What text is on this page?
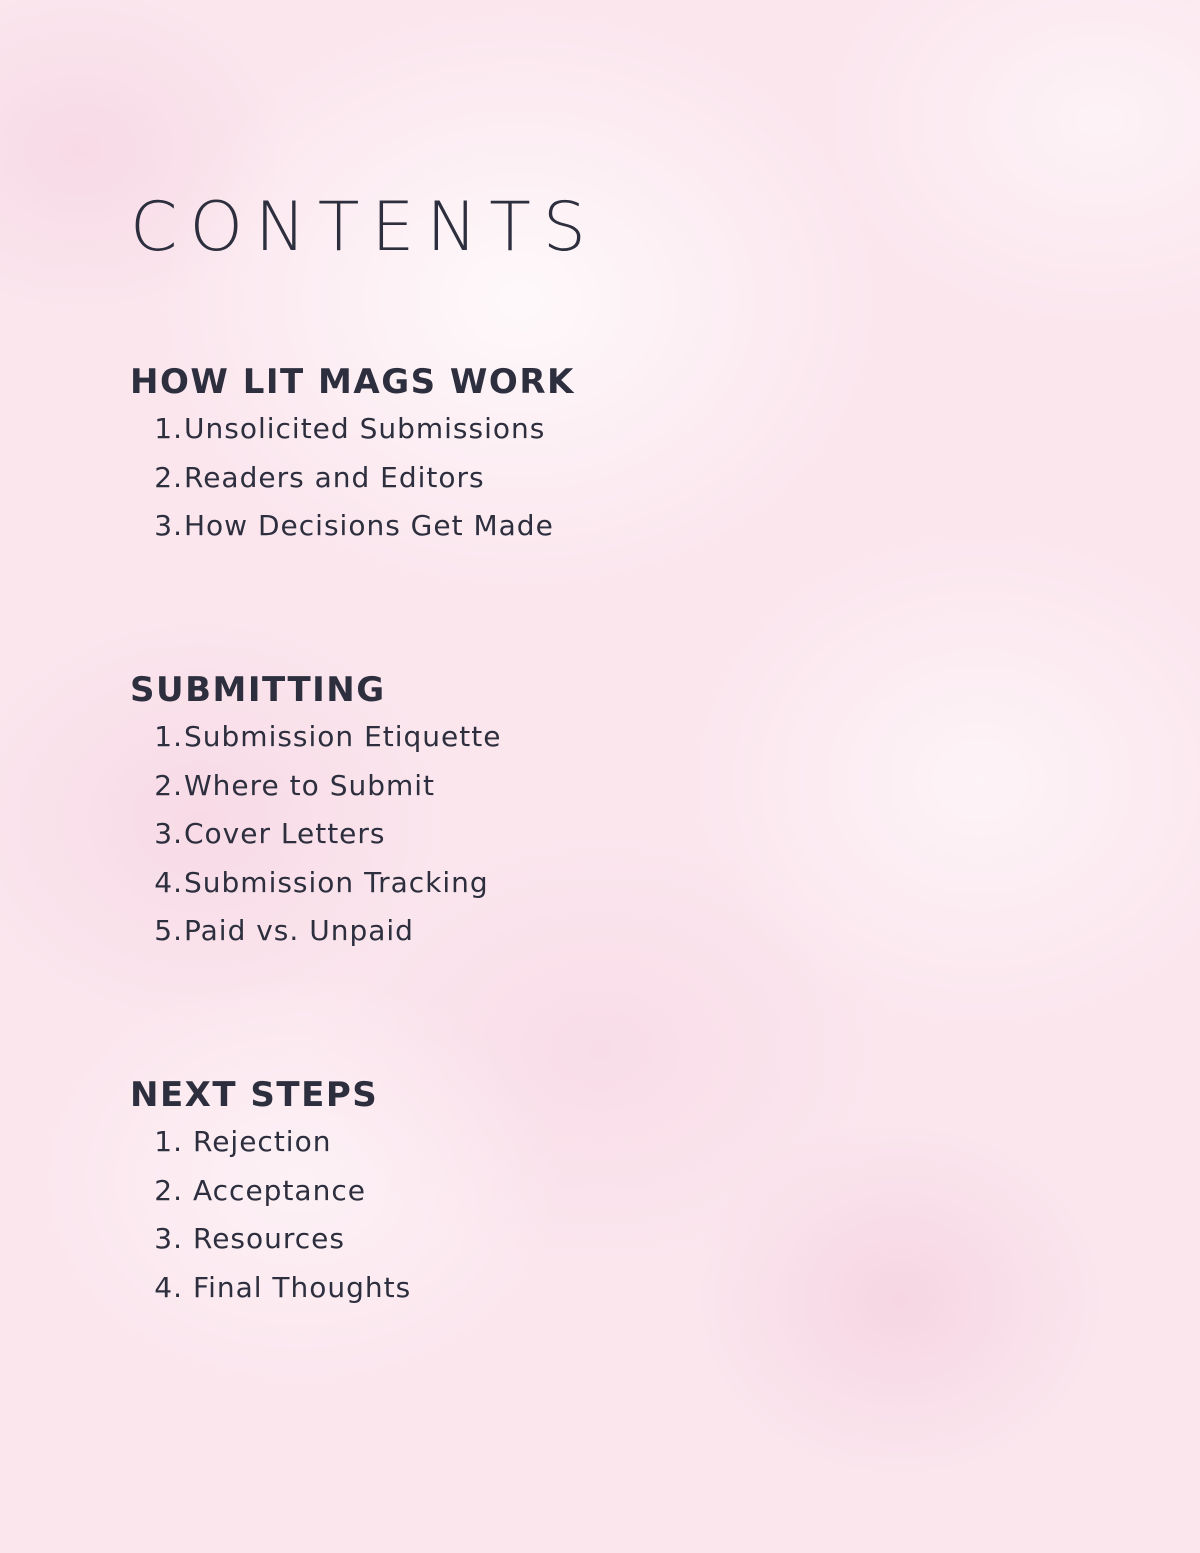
CONTENTS
HOW LIT MAGS WORK
1. Unsolicited Submissions
2. Readers and Editors
3. How Decisions Get Made
SUBMITTING
1. Submission Etiquette
2. Where to Submit
3. Cover Letters
4. Submission Tracking
5. Paid vs. Unpaid
NEXT STEPS
1. Rejection
2. Acceptance
3. Resources
4. Final Thoughts
